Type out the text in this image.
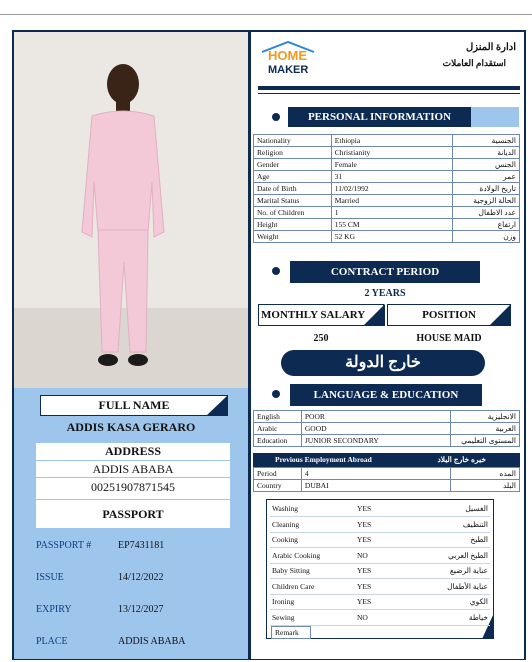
FULL NAME
ADDIS KASA GERARO
ADDRESS
ADDIS ABABA
00251907871545
PASSPORT
PASSPORT #	EP7431181
ISSUE	14/12/2022
EXPIRY	13/12/2027
PLACE	ADDIS ABABA
HOME
MAKER
ادارة المنزل
استقدام العاملات
PERSONAL INFORMATION
Nationality	Ethiopia	الجنسية
Religion	Christianity	الديانة
Gender	Female	الجنس
Age	31	عمر
Date of Birth	11/02/1992	تاريخ الولادة
Marital Status	Married	الحالة الزوجية
No. of Children	1	عدد الاطفال
Height	155 CM	ارتفاع
Weight	52 KG	وزن
CONTRACT PERIOD
2 YEARS
MONTHLY SALARY	POSITION
250	HOUSE MAID
خارج الدولة
LANGUAGE & EDUCATION
English	POOR	الانجليزية
Arabic	GOOD	العربية
Education	JUNIOR SECONDARY	المستوى التعليمي
Previous Employment Abroad	خبره خارج البلاد
Period	4	المده
Country	DUBAI	البلد
Washing	YES	الغسيل
Cleaning	YES	التنظيف
Cooking	YES	الطبخ
Arabic Cooking	NO	الطبخ العربي
Baby Sitting	YES	عناية الرضيع
Children Care	YES	عناية الأطفال
Ironing	YES	الكوي
Sewing	NO	خياطة
Remark
